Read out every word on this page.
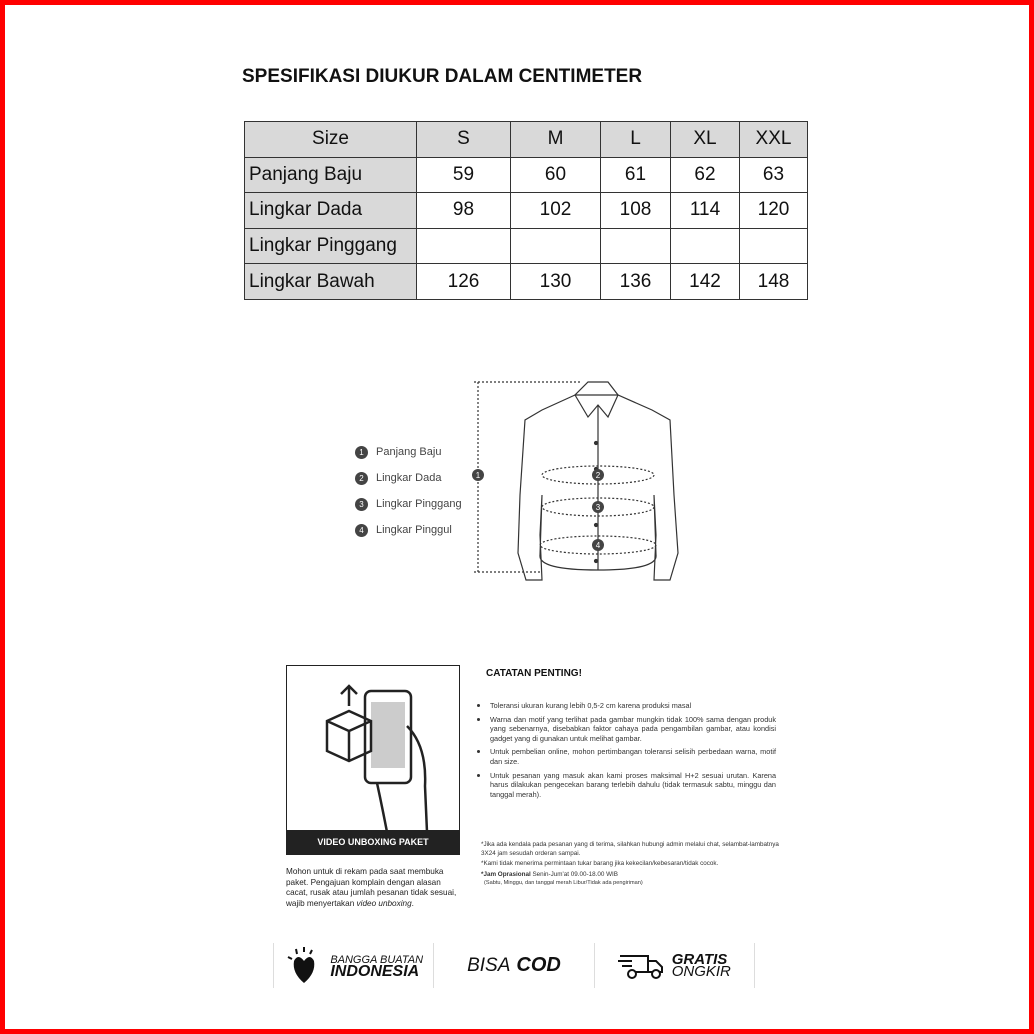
SPESIFIKASI DIUKUR DALAM CENTIMETER
Size	S	M	L	XL	XXL
Panjang Baju	59	60	61	62	63
Lingkar Dada	98	102	108	114	120
Lingkar Pinggang					
Lingkar Bawah	126	130	136	142	148
1	Panjang Baju
2	Lingkar Dada
3	Lingkar Pinggang
4	Lingkar Pinggul
1	2
3
4
VIDEO UNBOXING PAKET
Mohon untuk di rekam pada saat membuka paket. Pengajuan komplain dengan alasan cacat, rusak atau jumlah pesanan tidak sesuai, wajib menyertakan video unboxing.
CATATAN PENTING!
Toleransi ukuran kurang lebih 0,5-2 cm karena produksi masal
Warna dan motif yang terlihat pada gambar mungkin tidak 100% sama dengan produk yang sebenarnya, disebabkan faktor cahaya pada pengambilan gambar, atau kondisi gadget yang di gunakan untuk melihat gambar.
Untuk pembelian online, mohon pertimbangan toleransi selisih perbedaan warna, motif dan size.
Untuk pesanan yang masuk akan kami proses maksimal H+2 sesuai urutan. Karena harus dilakukan pengecekan barang terlebih dahulu (tidak termasuk sabtu, minggu dan tanggal merah).
*Jika ada kendala pada pesanan yang di terima, silahkan hubungi admin melalui chat, selambat-lambatnya 3X24 jam sesudah orderan sampai.
*Kami tidak menerima permintaan tukar barang jika kekecilan/kebesaran/tidak cocok.
*Jam Oprasional Senin-Jum'at 09.00-18.00 WIB
(Sabtu, Minggu, dan tanggal merah Libur/Tidak ada pengiriman)
BANGGA BUATAN
INDONESIA	BISA COD	GRATIS
ONGKIR
